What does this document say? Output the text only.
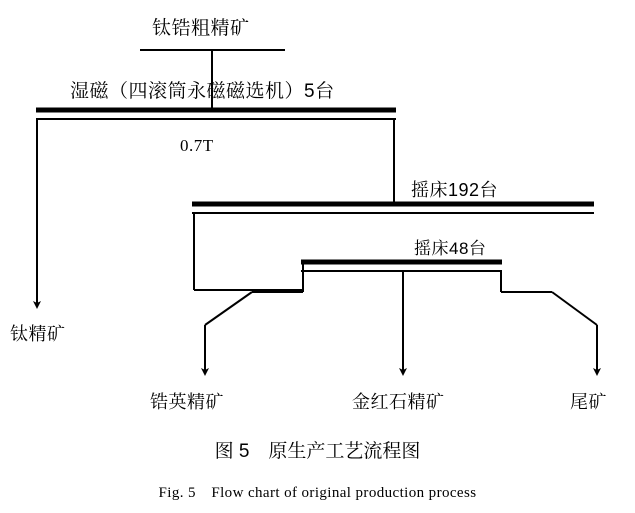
钛锆粗精矿
湿磁（四滚筒永磁磁选机）5台
0.7T
摇床192台
摇床48台
钛精矿
锆英精矿	金红石精矿	尾矿
图 5　原生产工艺流程图
Fig. 5　Flow chart of original production process
